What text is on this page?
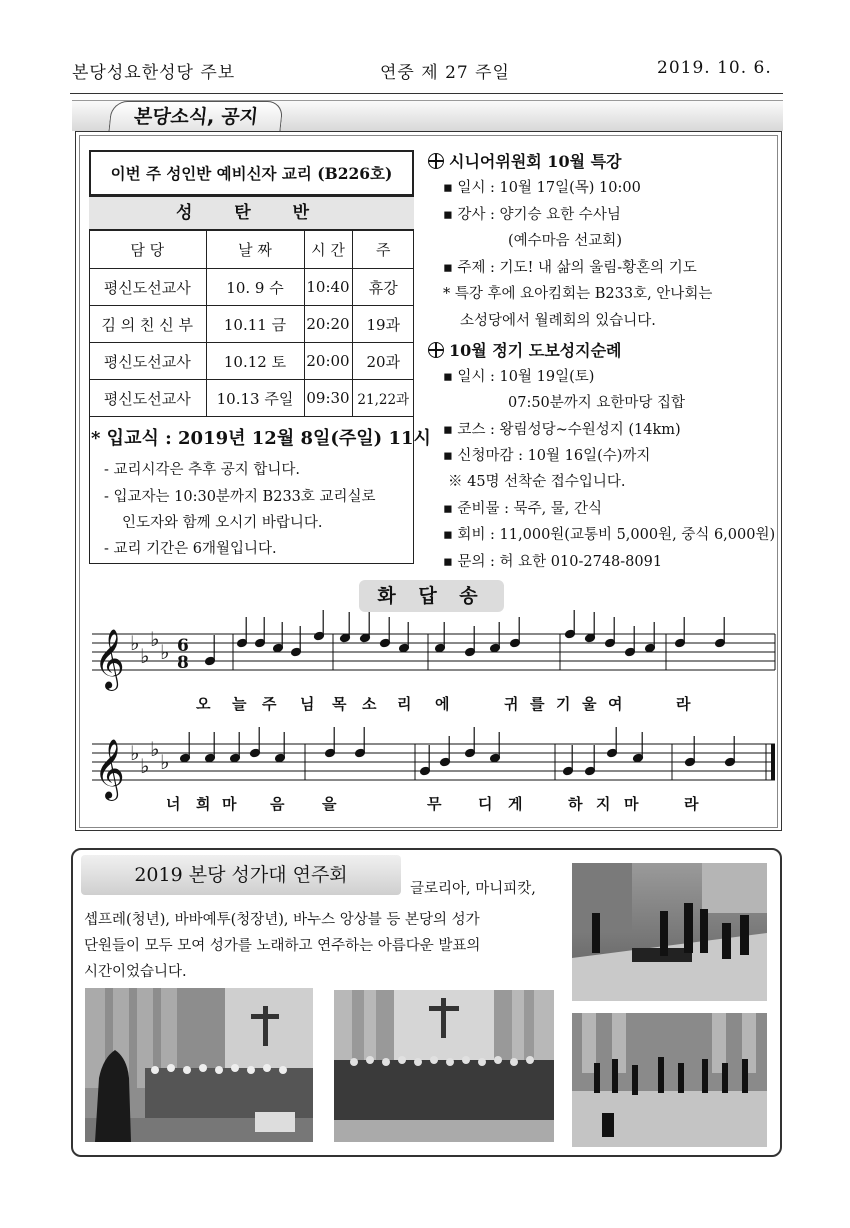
본당성요한성당 주보	연중 제 27 주일	2019. 10. 6.
본당소식, 공지
이번 주 성인반 예비신자 교리 (B226호)
성 탄 반
담 당	날 짜	시 간	주
평신도선교사	10. 9 수	10:40	휴강
김 의 친 신 부	10.11 금	20:20	19과
평신도선교사	10.12 토	20:00	20과
평신도선교사	10.13 주일	09:30	21,22과
* 입교식 : 2019년 12월 8일(주일) 11시
- 교리시각은 추후 공지 합니다.
- 입교자는 10:30분까지 B233호 교리실로
인도자와 함께 오시기 바랍니다.
- 교리 기간은 6개월입니다.
시니어위원회 10월 특강
▪ 일시 : 10월 17일(목) 10:00
▪ 강사 : 양기승 요한 수사님
(예수마음 선교회)
▪ 주제 : 기도! 내 삶의 울림-황혼의 기도
* 특강 후에 요아킴회는 B233호, 안나회는
소성당에서 월례회의 있습니다.
10월 정기 도보성지순례
▪ 일시 : 10월 19일(토)
07:50분까지 요한마당 집합
▪ 코스 : 왕림성당~수원성지 (14km)
▪ 신청마감 : 10월 16일(수)까지
※ 45명 선착순 접수입니다.
▪ 준비물 : 묵주, 물, 간식
▪ 회비 : 11,000원(교통비 5,000원, 중식 6,000원)
▪ 문의 : 허 요한 010-2748-8091
화 답 송
𝄞
𝄞
♭
♭
♭
♭
♭
♭
♭
♭
6
8
오 늘 주 님 목 소 리 에	귀 를 기 울 여	라
너 희 마 음	을	무 디 게	하 지 마	라
2019 본당 성가대 연주회
글로리아, 마니피캇,
셉프레(청년), 바바예투(청장년), 바누스 앙상블 등 본당의 성가
단원들이 모두 모여 성가를 노래하고 연주하는 아름다운 발표의
시간이었습니다.
